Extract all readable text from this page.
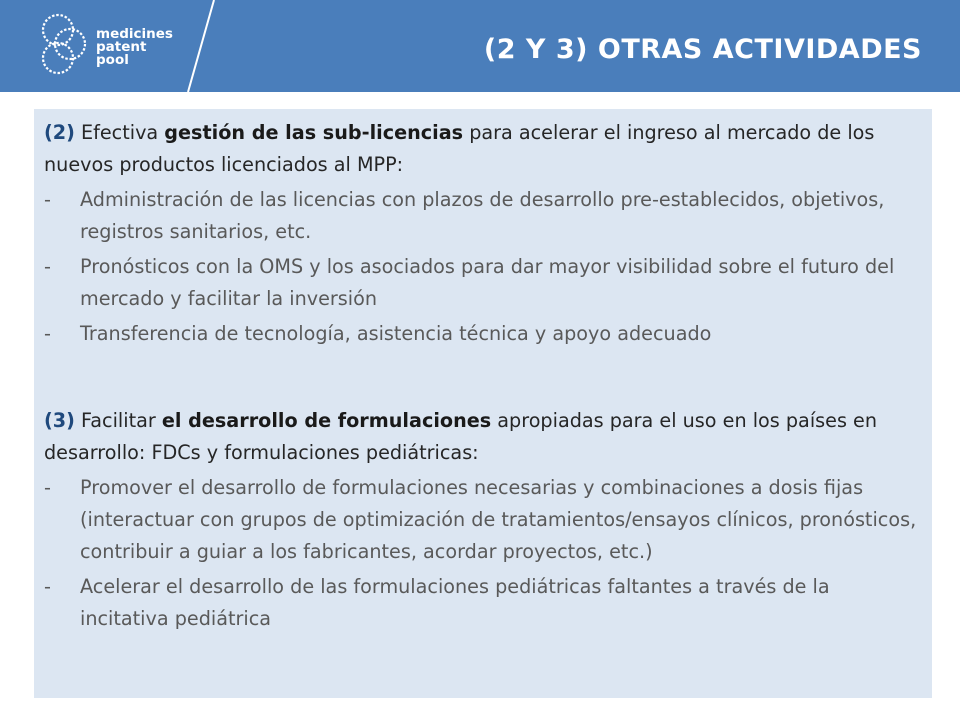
medicines
patent
pool	(2 Y 3) OTRAS ACTIVIDADES

(2) Efectiva gestión de las sub-licencias para acelerar el ingreso al mercado de los nuevos productos licenciados al MPP:

- Administración de las licencias con plazos de desarrollo pre-establecidos, objetivos, registros sanitarios, etc.
- Pronósticos con la OMS y los asociados para dar mayor visibilidad sobre el futuro del mercado y facilitar la inversión
- Transferencia de tecnología, asistencia técnica y apoyo adecuado

(3) Facilitar el desarrollo de formulaciones apropiadas para el uso en los países en desarrollo: FDCs y formulaciones pediátricas:

- Promover el desarrollo de formulaciones necesarias y combinaciones a dosis fijas (interactuar con grupos de optimización de tratamientos/ensayos clínicos, pronósticos, contribuir a guiar a los fabricantes, acordar proyectos, etc.)
- Acelerar el desarrollo de las formulaciones pediátricas faltantes a través de la incitativa pediátrica
